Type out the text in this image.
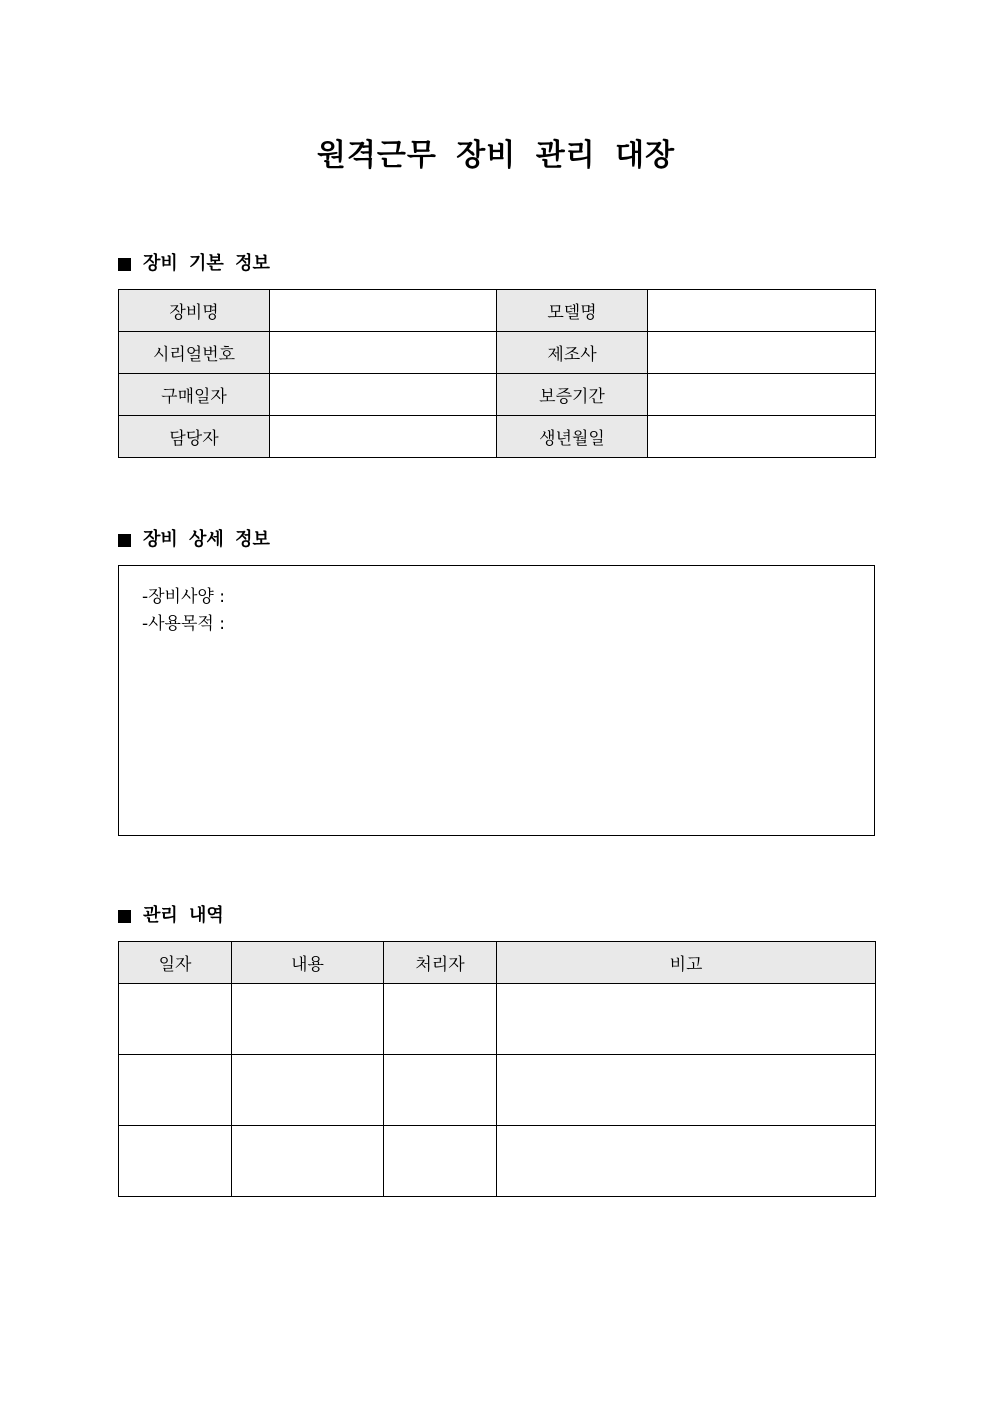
원격근무 장비 관리 대장
장비 기본 정보
장비명		모델명	
시리얼번호		제조사	
구매일자		보증기간	
담당자		생년월일	
장비 상세 정보
-장비사양 :
-사용목적 :
관리 내역
일자	내용	처리자	비고
